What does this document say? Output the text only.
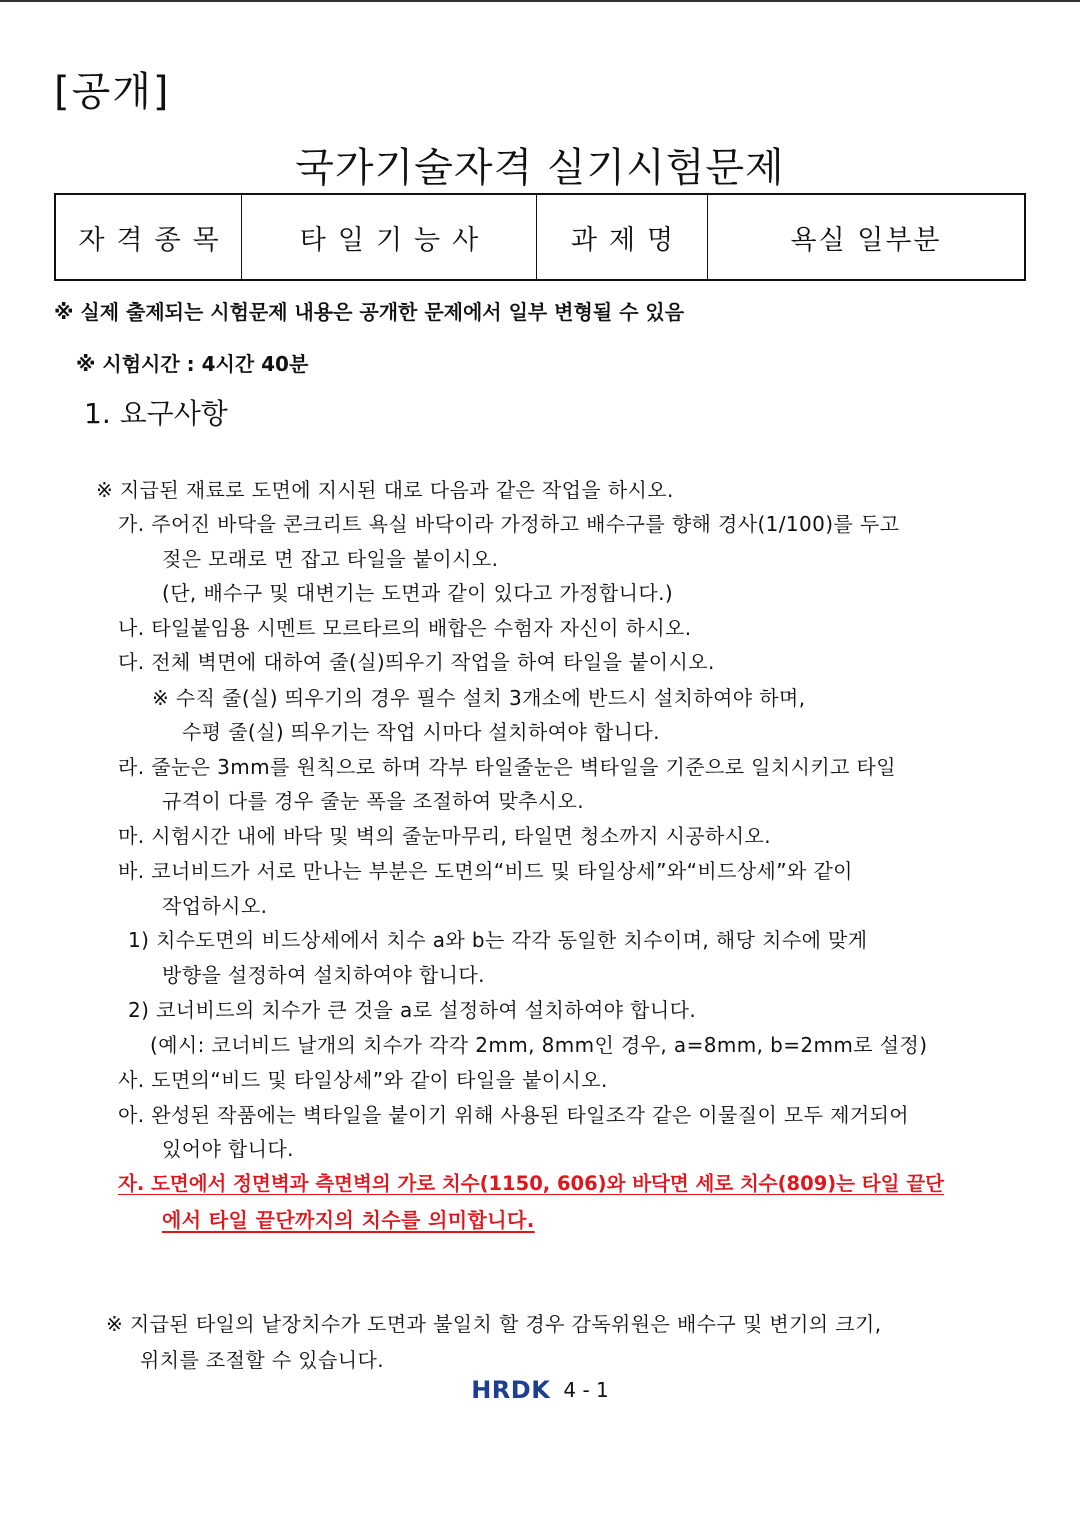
[공개]
국가기술자격 실기시험문제
자격종목	타일기능사	과제명	욕실 일부분
※ 실제 출제되는 시험문제 내용은 공개한 문제에서 일부 변형될 수 있음
※ 시험시간 : 4시간 40분
1. 요구사항
※ 지급된 재료로 도면에 지시된 대로 다음과 같은 작업을 하시오.
가. 주어진 바닥을 콘크리트 욕실 바닥이라 가정하고 배수구를 향해 경사(1/100)를 두고
젖은 모래로 면 잡고 타일을 붙이시오.
(단, 배수구 및 대변기는 도면과 같이 있다고 가정합니다.)
나. 타일붙임용 시멘트 모르타르의 배합은 수험자 자신이 하시오.
다. 전체 벽면에 대하여 줄(실)띄우기 작업을 하여 타일을 붙이시오.
※ 수직 줄(실) 띄우기의 경우 필수 설치 3개소에 반드시 설치하여야 하며,
수평 줄(실) 띄우기는 작업 시마다 설치하여야 합니다.
라. 줄눈은 3mm를 원칙으로 하며 각부 타일줄눈은 벽타일을 기준으로 일치시키고 타일
규격이 다를 경우 줄눈 폭을 조절하여 맞추시오.
마. 시험시간 내에 바닥 및 벽의 줄눈마무리, 타일면 청소까지 시공하시오.
바. 코너비드가 서로 만나는 부분은 도면의“비드 및 타일상세”와“비드상세”와 같이
작업하시오.
1) 치수도면의 비드상세에서 치수 a와 b는 각각 동일한 치수이며, 해당 치수에 맞게
방향을 설정하여 설치하여야 합니다.
2) 코너비드의 치수가 큰 것을 a로 설정하여 설치하여야 합니다.
(예시: 코너비드 날개의 치수가 각각 2mm, 8mm인 경우, a=8mm, b=2mm로 설정)
사. 도면의“비드 및 타일상세”와 같이 타일을 붙이시오.
아. 완성된 작품에는 벽타일을 붙이기 위해 사용된 타일조각 같은 이물질이 모두 제거되어
있어야 합니다.
자. 도면에서 정면벽과 측면벽의 가로 치수(1150, 606)와 바닥면 세로 치수(809)는 타일 끝단
에서 타일 끝단까지의 치수를 의미합니다.
※ 지급된 타일의 낱장치수가 도면과 불일치 할 경우 감독위원은 배수구 및 변기의 크기,
위치를 조절할 수 있습니다.
HRDK 4 - 1
